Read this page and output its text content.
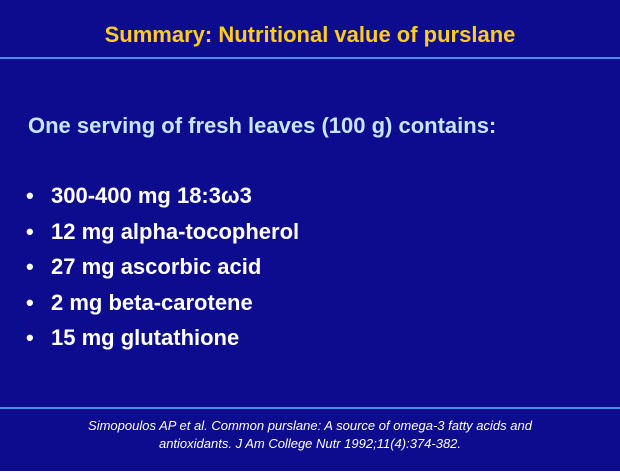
Summary: Nutritional value of purslane
One serving of fresh leaves (100 g) contains:
• 300-400 mg 18:3ω3
• 12 mg alpha-tocopherol
• 27 mg ascorbic acid
• 2 mg beta-carotene
• 15 mg glutathione
Simopoulos AP et al. Common purslane: A source of omega-3 fatty acids and
antioxidants. J Am College Nutr 1992;11(4):374-382.
